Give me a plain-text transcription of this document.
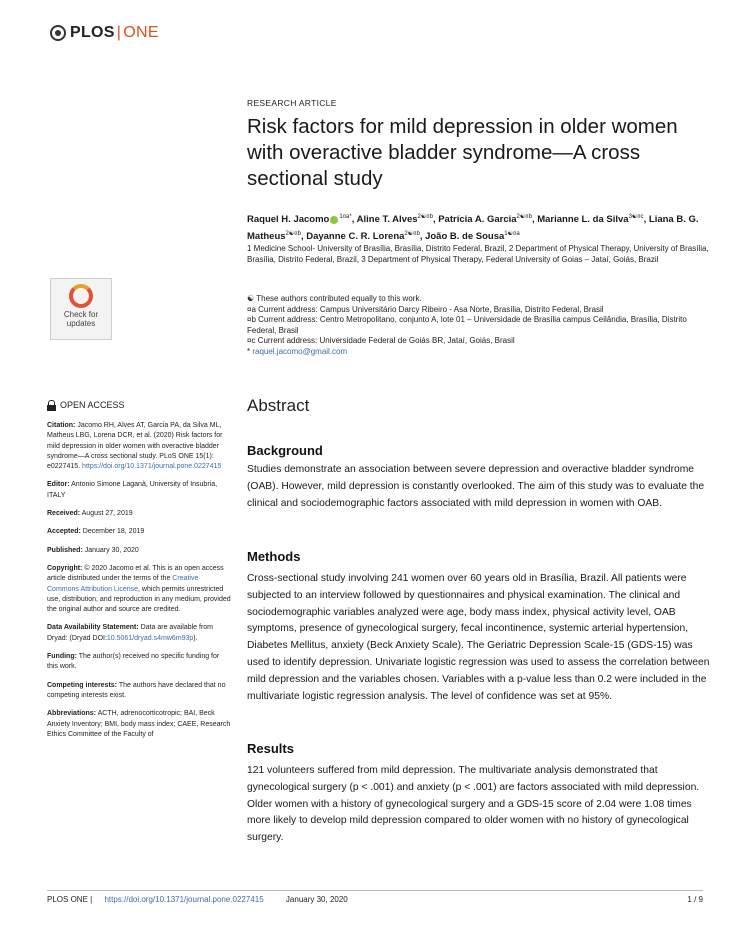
PLOS | ONE
RESEARCH ARTICLE
Risk factors for mild depression in older women with overactive bladder syndrome—A cross sectional study
Raquel H. Jacomo $^{1¤a*}$, Aline T. Alves$^{2☯¤b}$, Patrícia A. Garcia$^{2☯¤b}$, Marianne L. da Silva$^{3☯¤c}$, Liana B. G. Matheus$^{2☯¤b}$, Dayanne C. R. Lorena$^{2☯¤b}$, João B. de Sousa$^{1☯¤a}$
1 Medicine School- University of Brasília, Brasília, Distrito Federal, Brazil, 2 Department of Physical Therapy, University of Brasília, Brasília, Distrito Federal, Brazil, 3 Department of Physical Therapy, Federal University of Goias – Jataí, Goiás, Brazil
☯ These authors contributed equally to this work.
¤a Current address: Campus Universitário Darcy Ribeiro - Asa Norte, Brasília, Distrito Federal, Brasil
¤b Current address: Centro Metropolitano, conjunto A, lote 01 – Universidade de Brasília campus Ceilândia, Brasília, Distrito Federal, Brasil
¤c Current address: Universidade Federal de Goiás BR, Jataí, Goiás, Brasil
* raquel.jacomo@gmail.com
Check for
updates
OPEN ACCESS
Citation: Jacomo RH, Alves AT, Garcia PA, da Silva ML, Matheus LBG, Lorena DCR, et al. (2020) Risk factors for mild depression in older women with overactive bladder syndrome—A cross sectional study. PLoS ONE 15(1): e0227415. https://doi.org/10.1371/journal.pone.0227415
Editor: Antonio Simone Laganà, University of Insubria, ITALY
Received: August 27, 2019
Accepted: December 18, 2019
Published: January 30, 2020
Copyright: © 2020 Jacomo et al. This is an open access article distributed under the terms of the Creative Commons Attribution License, which permits unrestricted use, distribution, and reproduction in any medium, provided the original author and source are credited.
Data Availability Statement: Data are available from Dryad: (Dryad DOI:10.5061/dryad.s4mw6m93p).
Funding: The author(s) received no specific funding for this work.
Competing interests: The authors have declared that no competing interests exist.
Abbreviations: ACTH, adrenocorticotropic; BAI, Beck Anxiety Inventory; BMI, body mass index; CAEE, Research Ethics Committee of the Faculty of
Abstract
Background

Studies demonstrate an association between severe depression and overactive bladder syndrome (OAB). However, mild depression is constantly overlooked. The aim of this study was to evaluate the clinical and sociodemographic factors associated with mild depression in women with OAB.

Methods

Cross-sectional study involving 241 women over 60 years old in Brasília, Brazil. All patients were subjected to an interview followed by questionnaires and physical examination. The clinical and sociodemographic variables analyzed were age, body mass index, physical activity level, OAB symptoms, presence of gynecological surgery, fecal incontinence, systemic arterial hypertension, Diabetes Mellitus, anxiety (Beck Anxiety Scale). The Geriatric Depression Scale-15 (GDS-15) was used to identify depression. Univariate logistic regression was used to assess the correlation between mild depression and the variables chosen. Variables with a p-value less than 0.2 were included in the multivariate logistic regression analysis. The level of confidence was set at 95%.

Results

121 volunteers suffered from mild depression. The multivariate analysis demonstrated that gynecological surgery (p < .001) and anxiety (p < .001) are factors associated with mild depression. Older women with a history of gynecological surgery and a GDS-15 score of 2.04 were 1.08 times more likely to develop mild depression compared to older women with no history of gynecological surgery.

PLOS ONE | https://doi.org/10.1371/journal.pone.0227415	January 30, 2020	1 / 9
